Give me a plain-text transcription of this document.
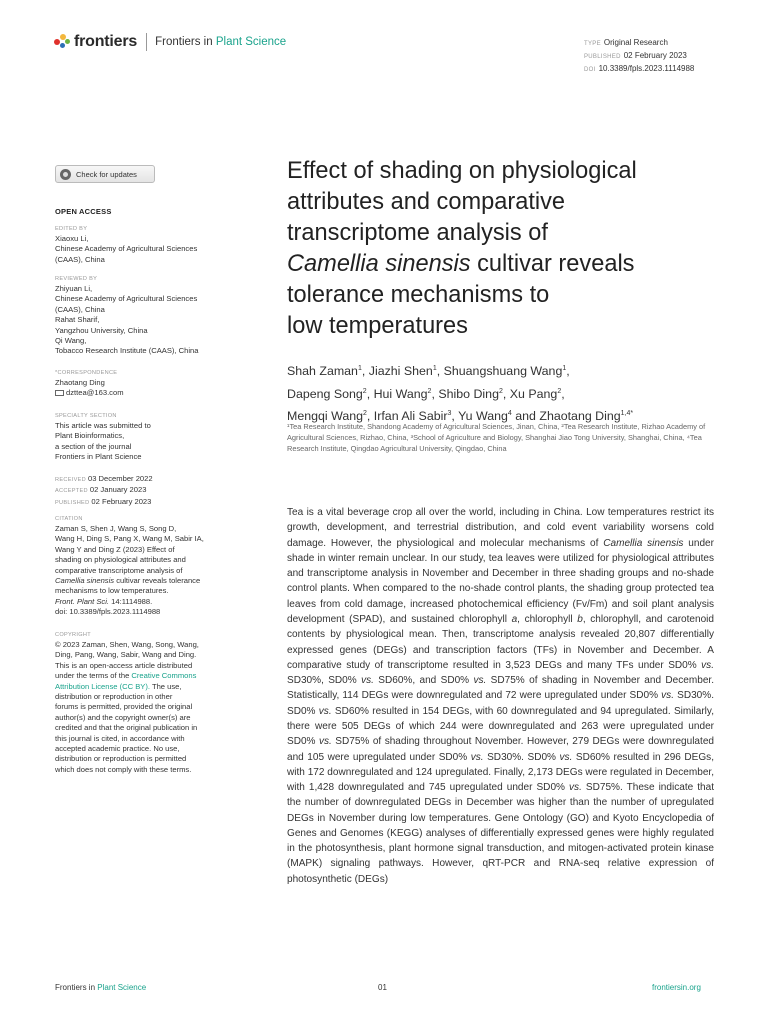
frontiers Frontiers in Plant Science	TYPE Original Research
PUBLISHED 02 February 2023
DOI 10.3389/fpls.2023.1114988
Check for updates
OPEN ACCESS
EDITED BY
Xiaoxu Li,
Chinese Academy of Agricultural Sciences
(CAAS), China
REVIEWED BY
Zhiyuan Li,
Chinese Academy of Agricultural Sciences
(CAAS), China
Rahat Sharif,
Yangzhou University, China
Qi Wang,
Tobacco Research Institute (CAAS), China
*CORRESPONDENCE
Zhaotang Ding
dzttea@163.com
SPECIALTY SECTION
This article was submitted to
Plant Bioinformatics,
a section of the journal
Frontiers in Plant Science
RECEIVED 03 December 2022
ACCEPTED 02 January 2023
PUBLISHED 02 February 2023
CITATION
Zaman S, Shen J, Wang S, Song D,
Wang H, Ding S, Pang X, Wang M, Sabir IA,
Wang Y and Ding Z (2023) Effect of
shading on physiological attributes and
comparative transcriptome analysis of
Camellia sinensis cultivar reveals tolerance
mechanisms to low temperatures.
Front. Plant Sci. 14:1114988.
doi: 10.3389/fpls.2023.1114988
COPYRIGHT
© 2023 Zaman, Shen, Wang, Song, Wang,
Ding, Pang, Wang, Sabir, Wang and Ding.
This is an open-access article distributed
under the terms of the Creative Commons
Attribution License (CC BY). The use,
distribution or reproduction in other
forums is permitted, provided the original
author(s) and the copyright owner(s) are
credited and that the original publication in
this journal is cited, in accordance with
accepted academic practice. No use,
distribution or reproduction is permitted
which does not comply with these terms.
Effect of shading on physiological
attributes and comparative
transcriptome analysis of
Camellia sinensis cultivar reveals
tolerance mechanisms to
low temperatures
Shah Zaman$^1$, Jiazhi Shen$^1$, Shuangshuang Wang$^1$,
Dapeng Song$^2$, Hui Wang$^2$, Shibo Ding$^2$, Xu Pang$^2$,
Mengqi Wang$^2$, Irfan Ali Sabir$^3$, Yu Wang$^4$ and Zhaotang Ding$^{1,4*}$
¹Tea Research Institute, Shandong Academy of Agricultural Sciences, Jinan, China, ²Tea Research Institute, Rizhao Academy of Agricultural Sciences, Rizhao, China, ³School of Agriculture and Biology, Shanghai Jiao Tong University, Shanghai, China, ⁴Tea Research Institute, Qingdao Agricultural University, Qingdao, China
Tea is a vital beverage crop all over the world, including in China. Low temperatures restrict its growth, development, and terrestrial distribution, and cold event variability worsens cold damage. However, the physiological and molecular mechanisms of Camellia sinensis under shade in winter remain unclear. In our study, tea leaves were utilized for physiological attributes and transcriptome analysis in November and December in three shading groups and no-shade control plants. When compared to the no-shade control plants, the shading group protected tea leaves from cold damage, increased photochemical efficiency (Fv/Fm) and soil plant analysis development (SPAD), and sustained chlorophyll a, chlorophyll b, chlorophyll, and carotenoid contents by physiological mean. Then, transcriptome analysis revealed 20,807 differentially expressed genes (DEGs) and transcription factors (TFs) in November and December. A comparative study of transcriptome resulted in 3,523 DEGs and many TFs under SD0% vs. SD30%, SD0% vs. SD60%, and SD0% vs. SD75% of shading in November and December. Statistically, 114 DEGs were downregulated and 72 were upregulated under SD0% vs. SD30%. SD0% vs. SD60% resulted in 154 DEGs, with 60 downregulated and 94 upregulated. Similarly, there were 505 DEGs of which 244 were downregulated and 263 were upregulated under SD0% vs. SD75% of shading throughout November. However, 279 DEGs were downregulated and 105 were upregulated under SD0% vs. SD30%. SD0% vs. SD60% resulted in 296 DEGs, with 172 downregulated and 124 upregulated. Finally, 2,173 DEGs were regulated in December, with 1,428 downregulated and 745 upregulated under SD0% vs. SD75%. These indicate that the number of downregulated DEGs in December was higher than the number of upregulated DEGs in November during low temperatures. Gene Ontology (GO) and Kyoto Encyclopedia of Genes and Genomes (KEGG) analyses of differentially expressed genes were highly regulated in the photosynthesis, plant hormone signal transduction, and mitogen-activated protein kinase (MAPK) signaling pathways. However, qRT-PCR and RNA-seq relative expression of photosynthetic (DEGs)
Frontiers in Plant Science	01	frontiersin.org
